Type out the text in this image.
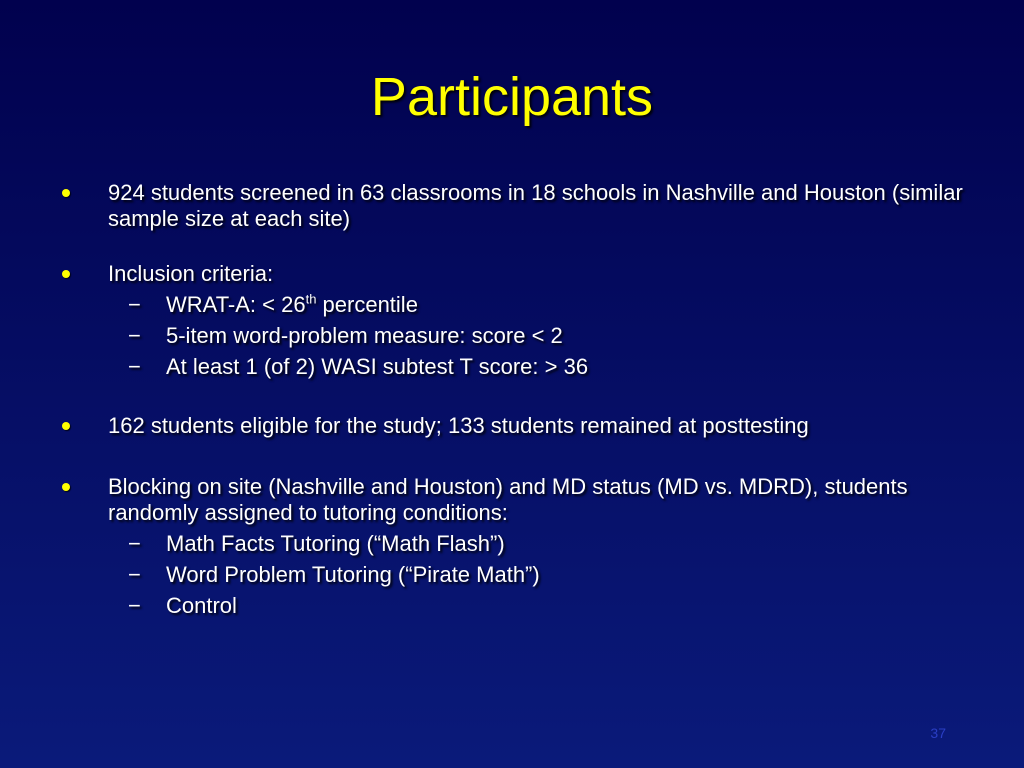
Participants
924 students screened in 63 classrooms in 18 schools in Nashville and Houston (similar sample size at each site)
Inclusion criteria:
− WRAT-A: < 26th percentile
− 5-item word-problem measure: score < 2
− At least 1 (of 2) WASI subtest T score: > 36
162 students eligible for the study; 133 students remained at posttesting
Blocking on site (Nashville and Houston) and MD status (MD vs. MDRD), students randomly assigned to tutoring conditions:
− Math Facts Tutoring (“Math Flash”)
− Word Problem Tutoring (“Pirate Math”)
− Control
37
